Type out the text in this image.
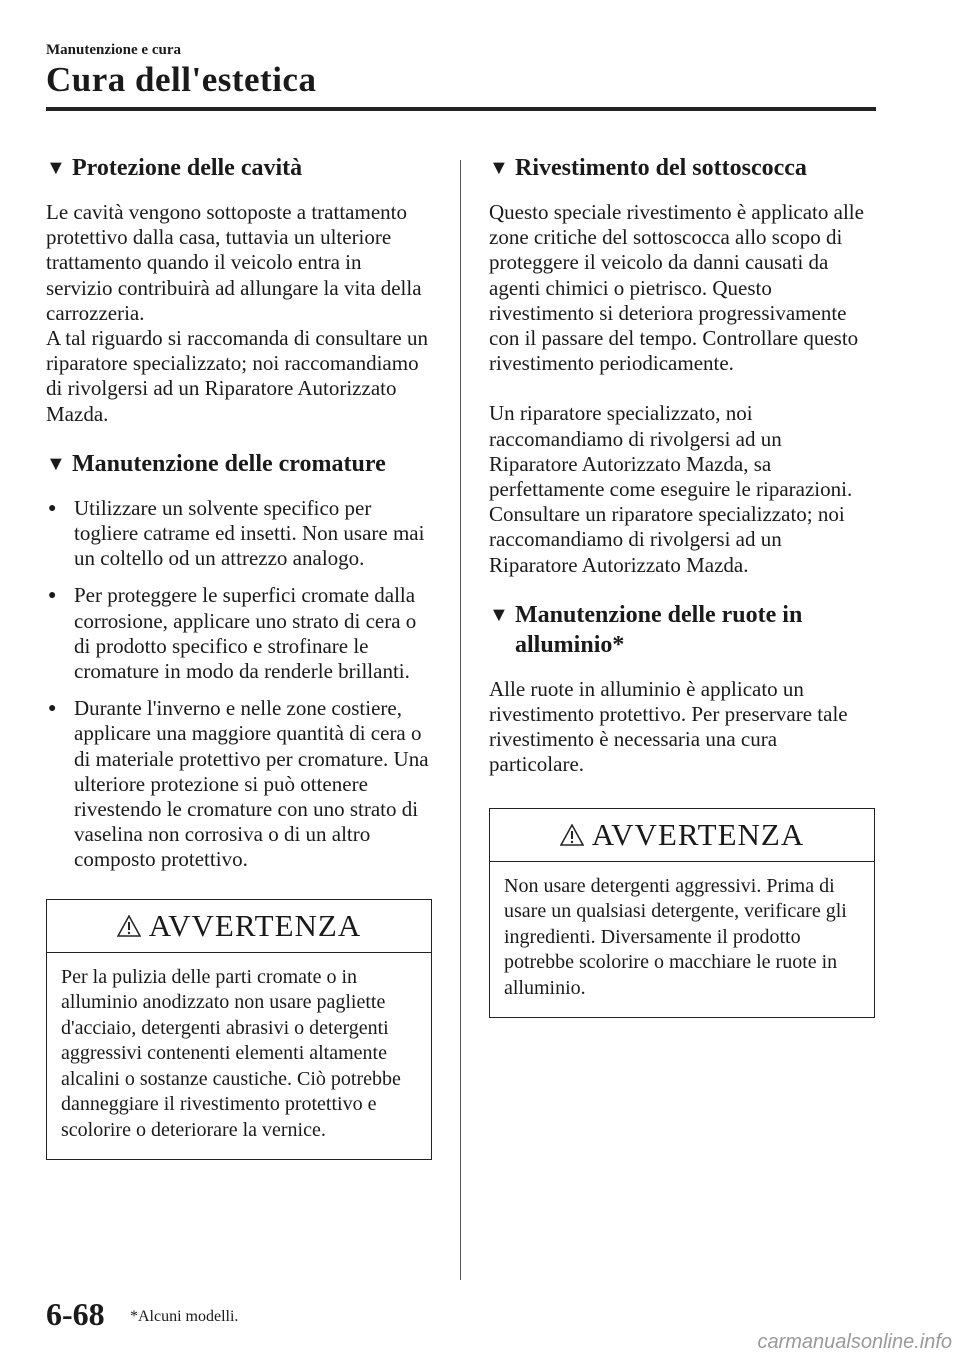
Manutenzione e cura
Cura dell'estetica
▼ Protezione delle cavità

Le cavità vengono sottoposte a trattamento protettivo dalla casa, tuttavia un ulteriore trattamento quando il veicolo entra in servizio contribuirà ad allungare la vita della carrozzeria.

A tal riguardo si raccomanda di consultare un riparatore specializzato; noi raccomandiamo di rivolgersi ad un Riparatore Autorizzato Mazda.

▼ Manutenzione delle cromature
● Utilizzare un solvente specifico per togliere catrame ed insetti. Non usare mai un coltello od un attrezzo analogo.
● Per proteggere le superfici cromate dalla corrosione, applicare uno strato di cera o di prodotto specifico e strofinare le cromature in modo da renderle brillanti.
● Durante l'inverno e nelle zone costiere, applicare una maggiore quantità di cera o di materiale protettivo per cromature. Una ulteriore protezione si può ottenere rivestendo le cromature con uno strato di vaselina non corrosiva o di un altro composto protettivo.
AVVERTENZA
Per la pulizia delle parti cromate o in alluminio anodizzato non usare pagliette d'acciaio, detergenti abrasivi o detergenti aggressivi contenenti elementi altamente alcalini o sostanze caustiche. Ciò potrebbe danneggiare il rivestimento protettivo e scolorire o deteriorare la vernice.
▼ Rivestimento del sottoscocca

Questo speciale rivestimento è applicato alle zone critiche del sottoscocca allo scopo di proteggere il veicolo da danni causati da agenti chimici o pietrisco. Questo rivestimento si deteriora progressivamente con il passare del tempo. Controllare questo rivestimento periodicamente.

Un riparatore specializzato, noi raccomandiamo di rivolgersi ad un Riparatore Autorizzato Mazda, sa perfettamente come eseguire le riparazioni. Consultare un riparatore specializzato; noi raccomandiamo di rivolgersi ad un Riparatore Autorizzato Mazda.

▼ Manutenzione delle ruote in alluminio*

Alle ruote in alluminio è applicato un rivestimento protettivo. Per preservare tale rivestimento è necessaria una cura particolare.

AVVERTENZA
Non usare detergenti aggressivi. Prima di usare un qualsiasi detergente, verificare gli ingredienti. Diversamente il prodotto potrebbe scolorire o macchiare le ruote in alluminio.
6-68 *Alcuni modelli.
carmanualsonline.info
